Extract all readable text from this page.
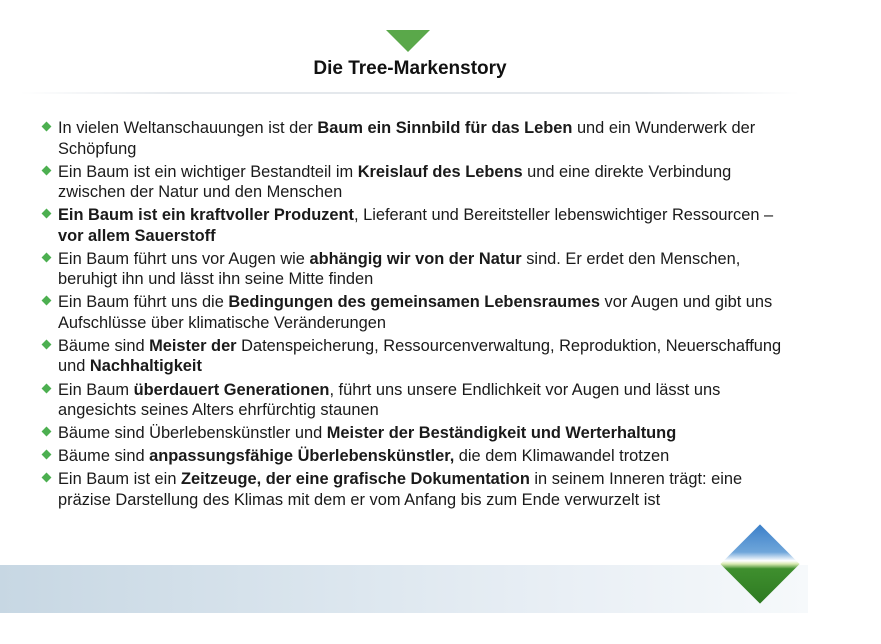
Die Tree-Markenstory
In vielen Weltanschauungen ist der Baum ein Sinnbild für das Leben und ein Wunderwerk der Schöpfung
Ein Baum ist ein wichtiger Bestandteil im Kreislauf des Lebens und eine direkte Verbindung zwischen der Natur und den Menschen
Ein Baum ist ein kraftvoller Produzent, Lieferant und Bereitsteller lebenswichtiger Ressourcen – vor allem Sauerstoff
Ein Baum führt uns vor Augen wie abhängig wir von der Natur sind. Er erdet den Menschen, beruhigt ihn und lässt ihn seine Mitte finden
Ein Baum führt uns die Bedingungen des gemeinsamen Lebensraumes vor Augen und gibt uns Aufschlüsse über klimatische Veränderungen
Bäume sind Meister der Datenspeicherung, Ressourcenverwaltung, Reproduktion, Neuerschaffung und Nachhaltigkeit
Ein Baum überdauert Generationen, führt uns unsere Endlichkeit vor Augen und lässt uns angesichts seines Alters ehrfürchtig staunen
Bäume sind Überlebenskünstler und Meister der Beständigkeit und Werterhaltung
Bäume sind anpassungsfähige Überlebenskünstler, die dem Klimawandel trotzen
Ein Baum ist ein Zeitzeuge, der eine grafische Dokumentation in seinem Inneren trägt: eine präzise Darstellung des Klimas mit dem er vom Anfang bis zum Ende verwurzelt ist
